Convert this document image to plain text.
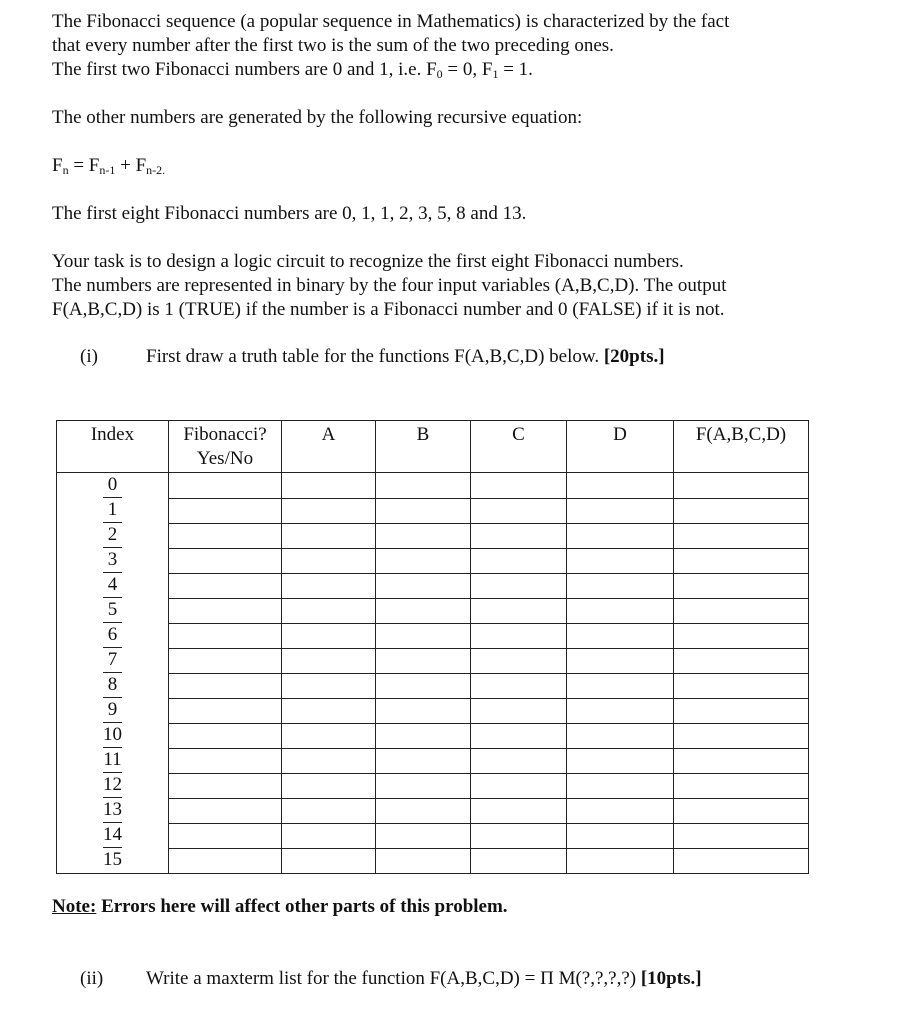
The Fibonacci sequence (a popular sequence in Mathematics) is characterized by the fact

that every number after the first two is the sum of the two preceding ones.

The first two Fibonacci numbers are 0 and 1, i.e. $F_0 = 0$, $F_1 = 1$.

The other numbers are generated by the following recursive equation:

$F_n = F_{n-1} + F_{n-2.}$

The first eight Fibonacci numbers are 0, 1, 1, 2, 3, 5, 8 and 13.

Your task is to design a logic circuit to recognize the first eight Fibonacci numbers.

The numbers are represented in binary by the four input variables (A,B,C,D). The output

F(A,B,C,D) is 1 (TRUE) if the number is a Fibonacci number and 0 (FALSE) if it is not.

(i)	First draw a truth table for the functions F(A,B,C,D) below. [20pts.]
Index	Fibonacci?
Yes/No	A	B	C	D	F(A,B,C,D)

0						

1						

2						

3						

4						

5						

6						

7						

8						

9						

10						

11						

12						

13						

14						

15						

Note: Errors here will affect other parts of this problem.
(ii) Write a maxterm list for the function F(A,B,C,D) = Π M(?,?,?,?) [10pts.]
